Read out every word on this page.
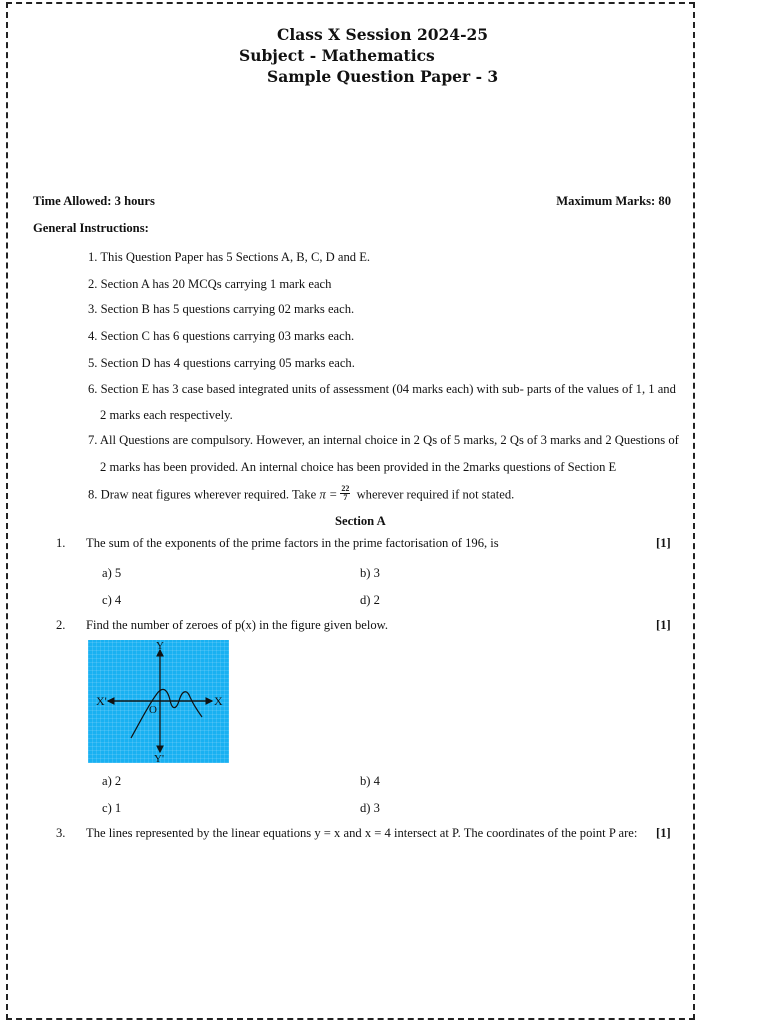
Class X Session 2024-25
Subject - Mathematics
Sample Question Paper - 3
Time Allowed: 3 hours	Maximum Marks: 80
General Instructions:
1. This Question Paper has 5 Sections A, B, C, D and E.
2. Section A has 20 MCQs carrying 1 mark each
3. Section B has 5 questions carrying 02 marks each.
4. Section C has 6 questions carrying 03 marks each.
5. Section D has 4 questions carrying 05 marks each.
6. Section E has 3 case based integrated units of assessment (04 marks each) with sub- parts of the values of 1, 1 and
2 marks each respectively.
7. All Questions are compulsory. However, an internal choice in 2 Qs of 5 marks, 2 Qs of 3 marks and 2 Questions of
2 marks has been provided. An internal choice has been provided in the 2marks questions of Section E
8. Draw neat figures wherever required. Take $\pi = \frac{22}{7}$ wherever required if not stated.
Section A
1. The sum of the exponents of the prime factors in the prime factorisation of 196, is	[1]
a) 5	b) 3
c) 4	d) 2
2. Find the number of zeroes of p(x) in the figure given below.	[1]
X'	X
Y
Y'
O
a) 2	b) 4
c) 1	d) 3
3. The lines represented by the linear equations y = x and x = 4 intersect at P. The coordinates of the point P are: [1]
